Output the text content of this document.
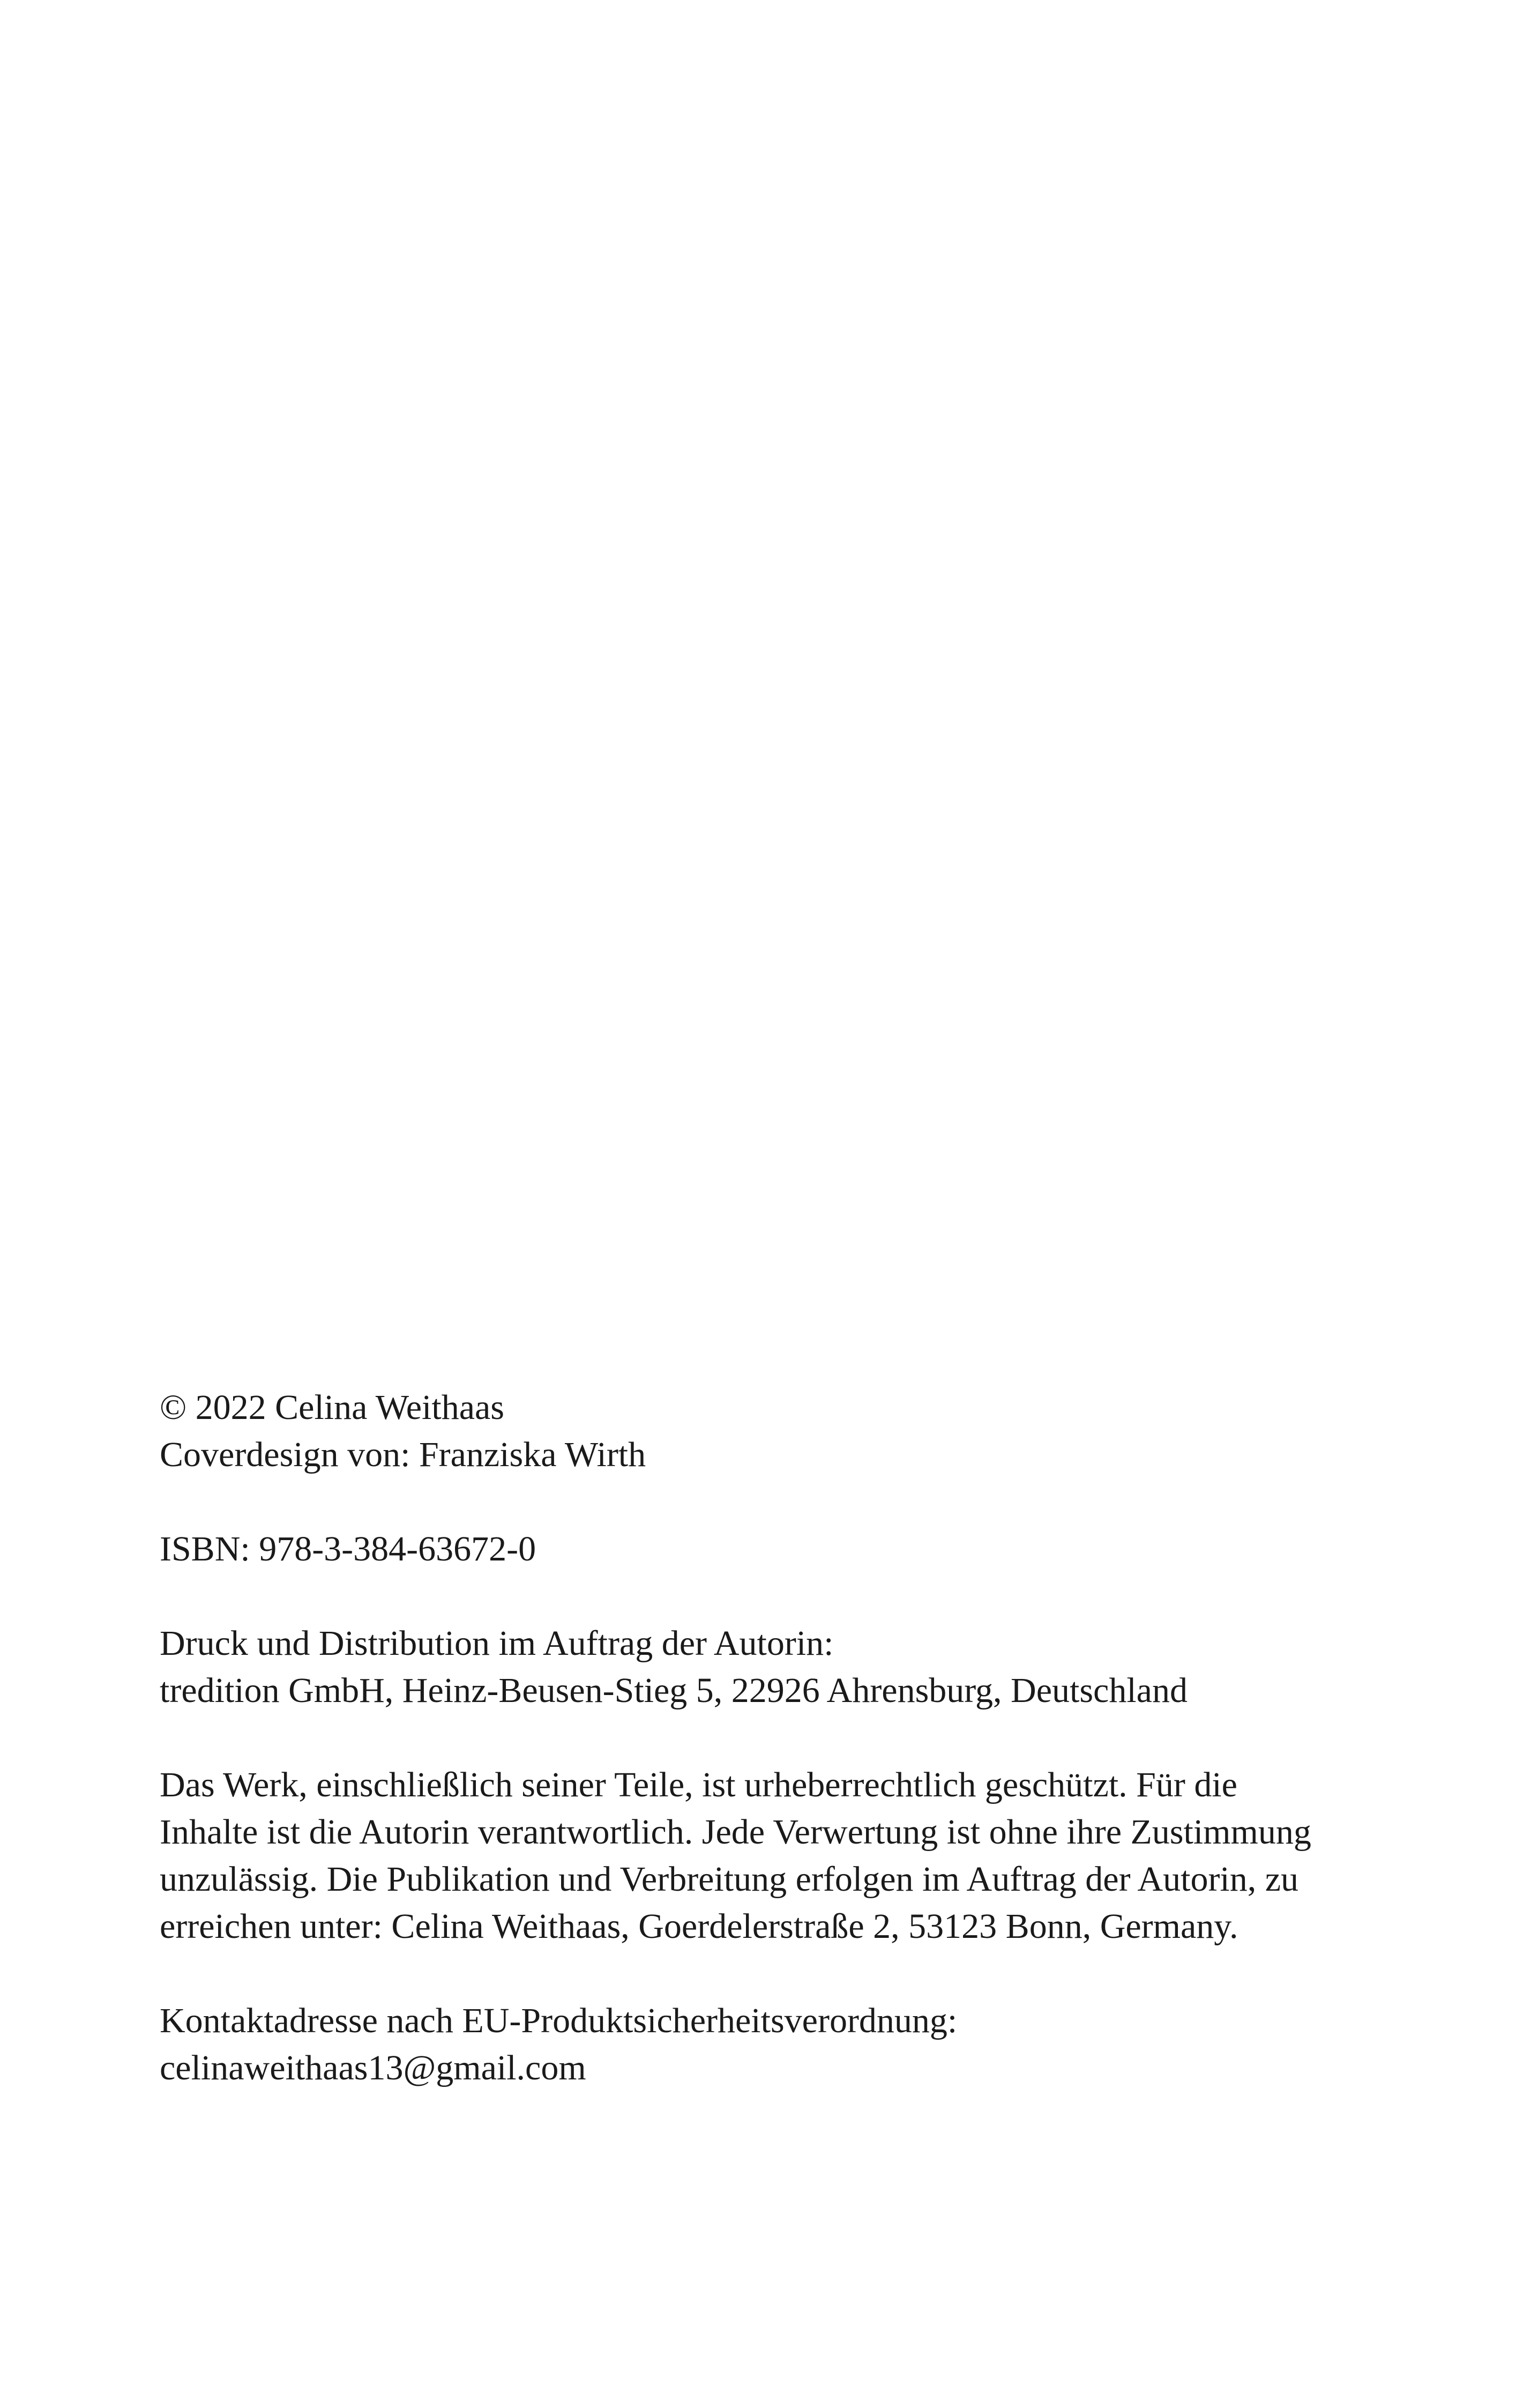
© 2022 Celina Weithaas
Coverdesign von: Franziska Wirth
ISBN: 978-3-384-63672-0
Druck und Distribution im Auftrag der Autorin:
tredition GmbH, Heinz-Beusen-Stieg 5, 22926 Ahrensburg, Deutschland
Das Werk, einschließlich seiner Teile, ist urheberrechtlich geschützt. Für die
Inhalte ist die Autorin verantwortlich. Jede Verwertung ist ohne ihre Zustimmung
unzulässig. Die Publikation und Verbreitung erfolgen im Auftrag der Autorin, zu
erreichen unter: Celina Weithaas, Goerdelerstraße 2, 53123 Bonn, Germany.
Kontaktadresse nach EU-Produktsicherheitsverordnung:
celinaweithaas13@gmail.com
